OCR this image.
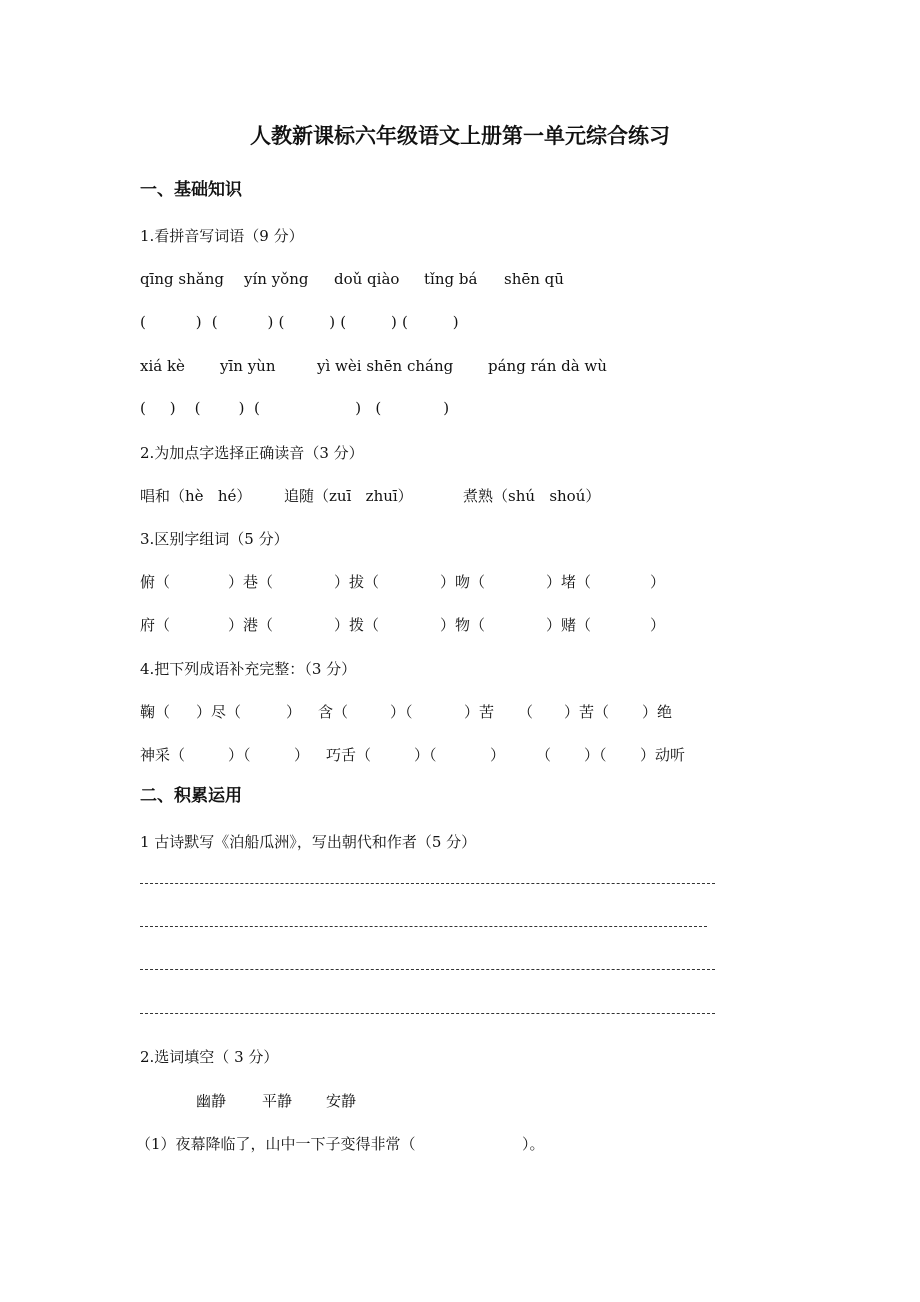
人教新课标六年级语文上册第一单元综合练习
一、基础知识
1.看拼音写词语（9 分）
qīng shǎng yín yǒng doǔ qiào tǐng bá shēn qū
(          )  (          ) (         ) (         ) (         )
xiá kè yīn yùn	yì wèi shēn cháng páng rán dà wù
(     )    (        )  (                    )   (             )
2.为加点字选择正确读音（3 分）
唱和（hè   hé） 追随（zuī   zhuī）	煮熟（shú   shoú）
3.区别字组词（5 分）
俯（	）巷（	）拔（	）吻（	）堵（	）
府（	）港（	）拨（	）物（	）赌（	）
4.把下列成语补充完整：（3 分）
鞠（ ）尽（	） 含（	）（	）苦 （ ）苦（ ）绝
神采（	）（	） 巧舌（	）（	） （ ）（ ）动听
二、积累运用
1 古诗默写《泊船瓜洲》，写出朝代和作者（5 分）
2.选词填空（ 3 分）
幽静 平静 安静
（1）夜幕降临了，山中一下子变得非常（	）。
